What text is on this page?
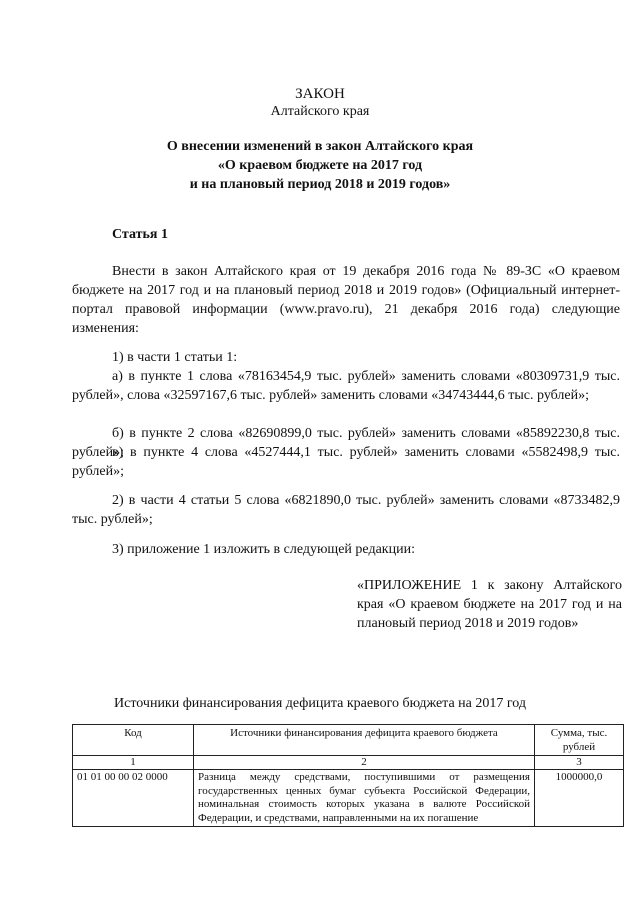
ЗАКОН
Алтайского края
О внесении изменений в закон Алтайского края
«О краевом бюджете на 2017 год
и на плановый период 2018 и 2019 годов»
Статья 1
Внести в закон Алтайского края от 19 декабря 2016 года № 89-ЗС «О краевом бюджете на 2017 год и на плановый период 2018 и 2019 годов» (Официальный интернет-портал правовой информации (www.pravo.ru), 21 декабря 2016 года) следующие изменения:
1) в части 1 статьи 1:
а) в пункте 1 слова «78163454,9 тыс. рублей» заменить словами «80309731,9 тыс. рублей», слова «32597167,6 тыс. рублей» заменить словами «34743444,6 тыс. рублей»;
б) в пункте 2 слова «82690899,0 тыс. рублей» заменить словами «85892230,8 тыс. рублей»;
в) в пункте 4 слова «4527444,1 тыс. рублей» заменить словами «5582498,9 тыс. рублей»;
2) в части 4 статьи 5 слова «6821890,0 тыс. рублей» заменить словами «8733482,9 тыс. рублей»;
3) приложение 1 изложить в следующей редакции:
«ПРИЛОЖЕНИЕ 1 к закону Алтайского края «О краевом бюджете на 2017 год и на плановый период 2018 и 2019 годов»
Источники финансирования дефицита краевого бюджета на 2017 год
Код	Источники финансирования дефицита краевого бюджета	Сумма, тыс. рублей
1	2	3
01 01 00 00 02 0000	Разница между средствами, поступившими от размещения государственных ценных бумаг субъекта Российской Федерации, номинальная стоимость которых указана в валюте Российской Федерации, и средствами, направленными на их погашение	1000000,0
